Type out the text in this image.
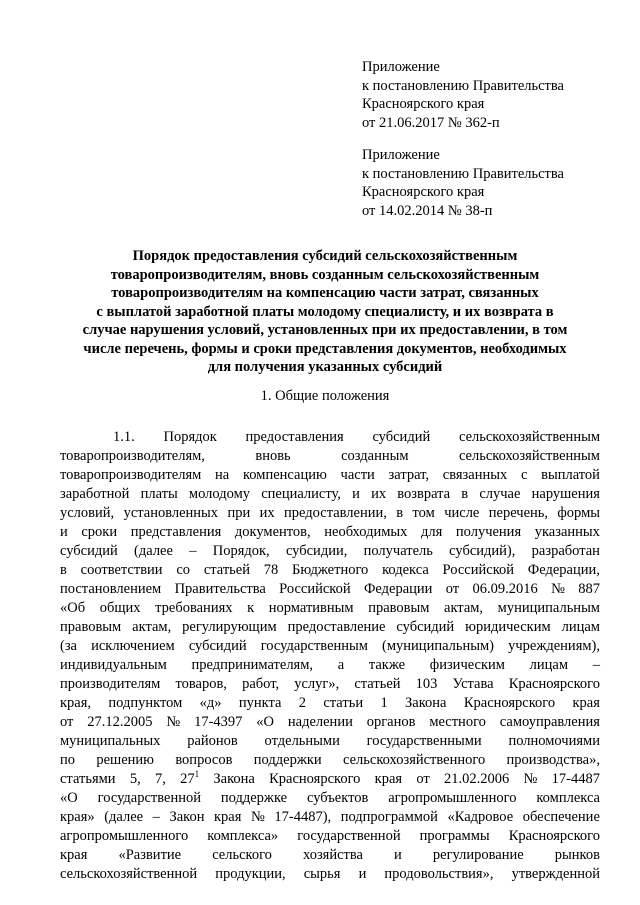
Приложение
к постановлению Правительства
Красноярского края
от 21.06.2017 № 362-п
Приложение
к постановлению Правительства
Красноярского края
от 14.02.2014 № 38-п
Порядок предоставления субсидий сельскохозяйственным
товаропроизводителям, вновь созданным сельскохозяйственным
товаропроизводителям на компенсацию части затрат, связанных
с выплатой заработной платы молодому специалисту, и их возврата в
случае нарушения условий, установленных при их предоставлении, в том
числе перечень, формы и сроки представления документов, необходимых
для получения указанных субсидий
1. Общие положения
1.1. Порядок предоставления субсидий сельскохозяйственным
товаропроизводителям,	вновь	созданным	сельскохозяйственным
товаропроизводителям на компенсацию части затрат, связанных с выплатой
заработной платы молодому специалисту, и их возврата в случае нарушения
условий, установленных при их предоставлении, в том числе перечень, формы
и сроки представления документов, необходимых для получения указанных
субсидий (далее – Порядок, субсидии, получатель субсидий), разработан
в соответствии со статьей 78 Бюджетного кодекса Российской Федерации,
постановлением Правительства Российской Федерации от 06.09.2016 № 887
«Об общих требованиях к нормативным правовым актам, муниципальным
правовым актам, регулирующим предоставление субсидий юридическим лицам
(за исключением субсидий государственным (муниципальным) учреждениям),
индивидуальным предпринимателям, а также физическим лицам –
производителям товаров, работ, услуг», статьей 103 Устава Красноярского
края, подпунктом «д» пункта 2 статьи 1 Закона Красноярского края
от 27.12.2005 № 17-4397 «О наделении органов местного самоуправления
муниципальных районов отдельными государственными полномочиями
по решению вопросов поддержки сельскохозяйственного производства»,
статьями 5, 7, $27^1$ Закона Красноярского края от 21.02.2006 № 17-4487
«О государственной поддержке субъектов агропромышленного комплекса
края» (далее – Закон края № 17-4487), подпрограммой «Кадровое обеспечение
агропромышленного комплекса» государственной программы Красноярского
края «Развитие сельского хозяйства и регулирование рынков
сельскохозяйственной продукции, сырья и продовольствия», утвержденной
